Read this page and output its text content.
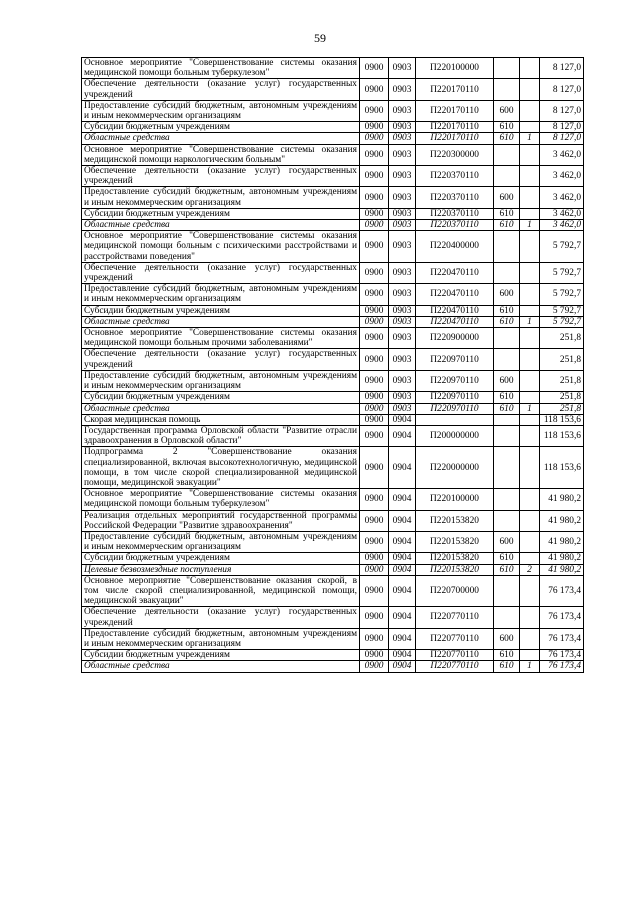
59
Основное мероприятие "Совершенствование системы оказания медицинской помощи больным туберкулезом"	0900	0903	П220100000			8 127,0
Обеспечение деятельности (оказание услуг) государственных учреждений	0900	0903	П220170110			8 127,0
Предоставление субсидий бюджетным, автономным учреждениям и иным некоммерческим организациям	0900	0903	П220170110	600		8 127,0
Субсидии бюджетным учреждениям	0900	0903	П220170110	610		8 127,0
Областные средства	0900	0903	П220170110	610	1	8 127,0
Основное мероприятие "Совершенствование системы оказания медицинской помощи наркологическим больным"	0900	0903	П220300000			3 462,0
Обеспечение деятельности (оказание услуг) государственных учреждений	0900	0903	П220370110			3 462,0
Предоставление субсидий бюджетным, автономным учреждениям и иным некоммерческим организациям	0900	0903	П220370110	600		3 462,0
Субсидии бюджетным учреждениям	0900	0903	П220370110	610		3 462,0
Областные средства	0900	0903	П220370110	610	1	3 462,0
Основное мероприятие "Совершенствование системы оказания медицинской помощи больным с психическими расстройствами и расстройствами поведения"	0900	0903	П220400000			5 792,7
Обеспечение деятельности (оказание услуг) государственных учреждений	0900	0903	П220470110			5 792,7
Предоставление субсидий бюджетным, автономным учреждениям и иным некоммерческим организациям	0900	0903	П220470110	600		5 792,7
Субсидии бюджетным учреждениям	0900	0903	П220470110	610		5 792,7
Областные средства	0900	0903	П220470110	610	1	5 792,7
Основное мероприятие "Совершенствование системы оказания медицинской помощи больным прочими заболеваниями"	0900	0903	П220900000			251,8
Обеспечение деятельности (оказание услуг) государственных учреждений	0900	0903	П220970110			251,8
Предоставление субсидий бюджетным, автономным учреждениям и иным некоммерческим организациям	0900	0903	П220970110	600		251,8
Субсидии бюджетным учреждениям	0900	0903	П220970110	610		251,8
Областные средства	0900	0903	П220970110	610	1	251,8
Скорая медицинская помощь	0900	0904				118 153,6
Государственная программа Орловской области "Развитие отрасли здравоохранения в Орловской области"	0900	0904	П200000000			118 153,6
Подпрограмма 2 "Совершенствование оказания специализированной, включая высокотехнологичную, медицинской помощи, в том числе скорой специализированной медицинской помощи, медицинской эвакуации"	0900	0904	П220000000			118 153,6
Основное мероприятие "Совершенствование системы оказания медицинской помощи больным туберкулезом"	0900	0904	П220100000			41 980,2
Реализация отдельных мероприятий государственной программы Российской Федерации "Развитие здравоохранения"	0900	0904	П220153820			41 980,2
Предоставление субсидий бюджетным, автономным учреждениям и иным некоммерческим организациям	0900	0904	П220153820	600		41 980,2
Субсидии бюджетным учреждениям	0900	0904	П220153820	610		41 980,2
Целевые безвозмездные поступления	0900	0904	П220153820	610	2	41 980,2
Основное мероприятие "Совершенствование оказания скорой, в том числе скорой специализированной, медицинской помощи, медицинской эвакуации"	0900	0904	П220700000			76 173,4
Обеспечение деятельности (оказание услуг) государственных учреждений	0900	0904	П220770110			76 173,4
Предоставление субсидий бюджетным, автономным учреждениям и иным некоммерческим организациям	0900	0904	П220770110	600		76 173,4
Субсидии бюджетным учреждениям	0900	0904	П220770110	610		76 173,4
Областные средства	0900	0904	П220770110	610	1	76 173,4
